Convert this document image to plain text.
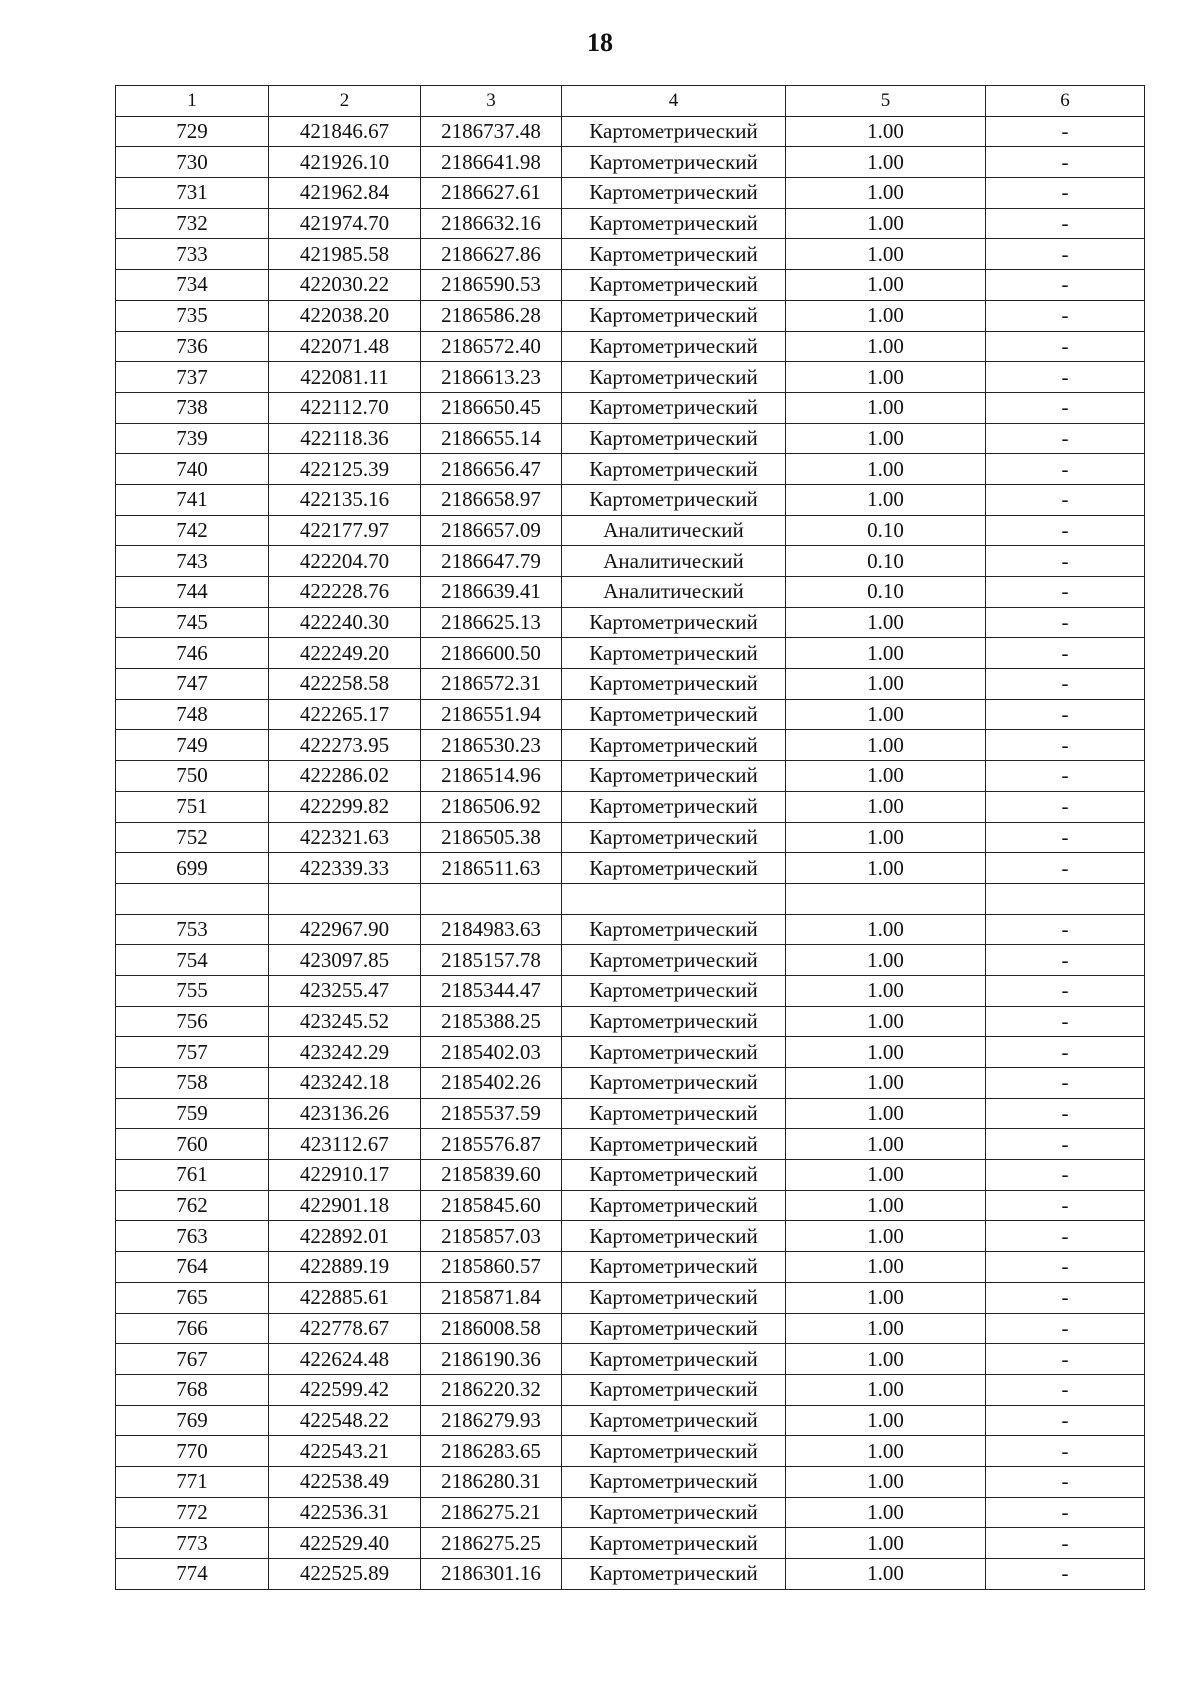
18
1	2	3	4	5	6
729	421846.67	2186737.48	Картометрический	1.00	-
730	421926.10	2186641.98	Картометрический	1.00	-
731	421962.84	2186627.61	Картометрический	1.00	-
732	421974.70	2186632.16	Картометрический	1.00	-
733	421985.58	2186627.86	Картометрический	1.00	-
734	422030.22	2186590.53	Картометрический	1.00	-
735	422038.20	2186586.28	Картометрический	1.00	-
736	422071.48	2186572.40	Картометрический	1.00	-
737	422081.11	2186613.23	Картометрический	1.00	-
738	422112.70	2186650.45	Картометрический	1.00	-
739	422118.36	2186655.14	Картометрический	1.00	-
740	422125.39	2186656.47	Картометрический	1.00	-
741	422135.16	2186658.97	Картометрический	1.00	-
742	422177.97	2186657.09	Аналитический	0.10	-
743	422204.70	2186647.79	Аналитический	0.10	-
744	422228.76	2186639.41	Аналитический	0.10	-
745	422240.30	2186625.13	Картометрический	1.00	-
746	422249.20	2186600.50	Картометрический	1.00	-
747	422258.58	2186572.31	Картометрический	1.00	-
748	422265.17	2186551.94	Картометрический	1.00	-
749	422273.95	2186530.23	Картометрический	1.00	-
750	422286.02	2186514.96	Картометрический	1.00	-
751	422299.82	2186506.92	Картометрический	1.00	-
752	422321.63	2186505.38	Картометрический	1.00	-
699	422339.33	2186511.63	Картометрический	1.00	-

753	422967.90	2184983.63	Картометрический	1.00	-
754	423097.85	2185157.78	Картометрический	1.00	-
755	423255.47	2185344.47	Картометрический	1.00	-
756	423245.52	2185388.25	Картометрический	1.00	-
757	423242.29	2185402.03	Картометрический	1.00	-
758	423242.18	2185402.26	Картометрический	1.00	-
759	423136.26	2185537.59	Картометрический	1.00	-
760	423112.67	2185576.87	Картометрический	1.00	-
761	422910.17	2185839.60	Картометрический	1.00	-
762	422901.18	2185845.60	Картометрический	1.00	-
763	422892.01	2185857.03	Картометрический	1.00	-
764	422889.19	2185860.57	Картометрический	1.00	-
765	422885.61	2185871.84	Картометрический	1.00	-
766	422778.67	2186008.58	Картометрический	1.00	-
767	422624.48	2186190.36	Картометрический	1.00	-
768	422599.42	2186220.32	Картометрический	1.00	-
769	422548.22	2186279.93	Картометрический	1.00	-
770	422543.21	2186283.65	Картометрический	1.00	-
771	422538.49	2186280.31	Картометрический	1.00	-
772	422536.31	2186275.21	Картометрический	1.00	-
773	422529.40	2186275.25	Картометрический	1.00	-
774	422525.89	2186301.16	Картометрический	1.00	-
